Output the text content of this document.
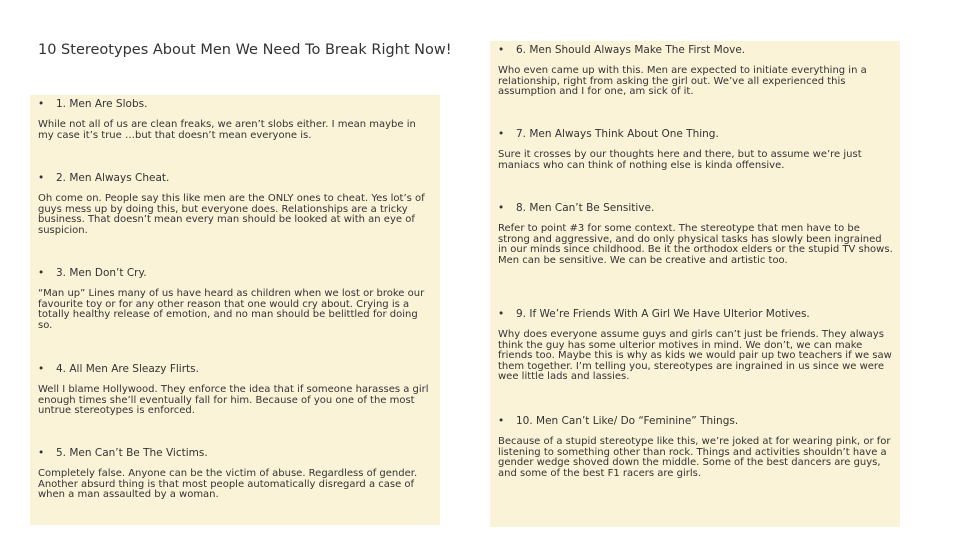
10 Stereotypes About Men We Need To Break Right Now!
• 1. Men Are Slobs.
While not all of us are clean freaks, we aren’t slobs either. I mean maybe in my case it’s true …but that doesn’t mean everyone is.
• 2. Men Always Cheat.
Oh come on. People say this like men are the ONLY ones to cheat. Yes lot’s of guys mess up by doing this, but everyone does. Relationships are a tricky business. That doesn’t mean every man should be looked at with an eye of suspicion.
• 3. Men Don’t Cry.
“Man up” Lines many of us have heard as children when we lost or broke our favourite toy or for any other reason that one would cry about. Crying is a totally healthy release of emotion, and no man should be belittled for doing so.
• 4. All Men Are Sleazy Flirts.
Well I blame Hollywood. They enforce the idea that if someone harasses a girl enough times she’ll eventually fall for him. Because of you one of the most untrue stereotypes is enforced.
• 5. Men Can’t Be The Victims.
Completely false. Anyone can be the victim of abuse. Regardless of gender. Another absurd thing is that most people automatically disregard a case of when a man assaulted by a woman.
• 6. Men Should Always Make The First Move.
Who even came up with this. Men are expected to initiate everything in a relationship, right from asking the girl out. We’ve all experienced this assumption and I for one, am sick of it.
• 7. Men Always Think About One Thing.
Sure it crosses by our thoughts here and there, but to assume we’re just maniacs who can think of nothing else is kinda offensive.
• 8. Men Can’t Be Sensitive.
Refer to point #3 for some context. The stereotype that men have to be strong and aggressive, and do only physical tasks has slowly been ingrained in our minds since childhood. Be it the orthodox elders or the stupid TV shows. Men can be sensitive. We can be creative and artistic too.
• 9. If We’re Friends With A Girl We Have Ulterior Motives.
Why does everyone assume guys and girls can’t just be friends. They always think the guy has some ulterior motives in mind. We don’t, we can make friends too. Maybe this is why as kids we would pair up two teachers if we saw them together. I’m telling you, stereotypes are ingrained in us since we were wee little lads and lassies.
• 10. Men Can’t Like/ Do “Feminine” Things.
Because of a stupid stereotype like this, we’re joked at for wearing pink, or for listening to something other than rock. Things and activities shouldn’t have a gender wedge shoved down the middle. Some of the best dancers are guys, and some of the best F1 racers are girls.
